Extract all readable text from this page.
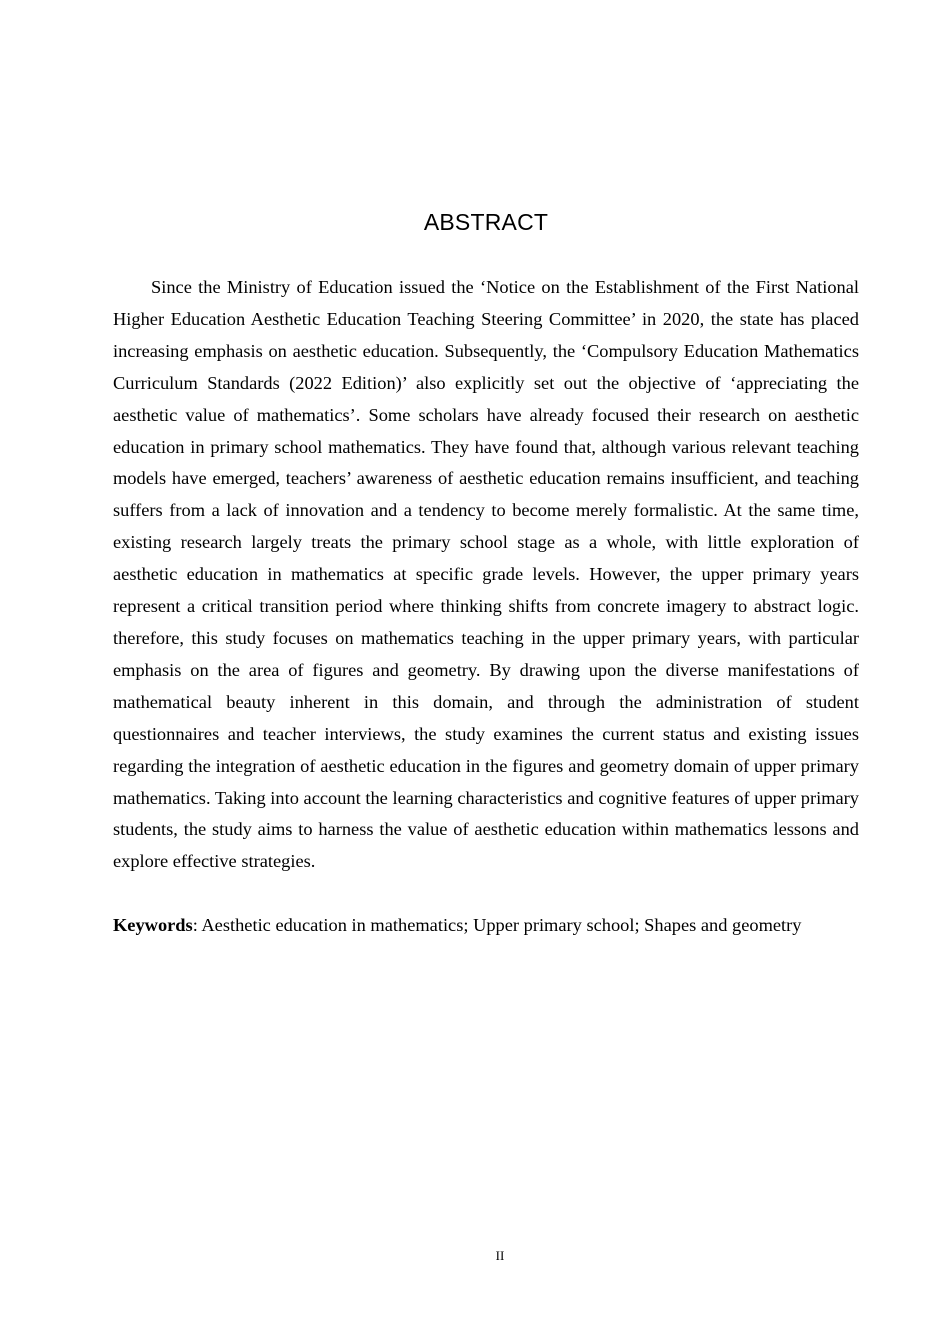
ABSTRACT

Since the Ministry of Education issued the ‘Notice on the Establishment of the First National Higher Education Aesthetic Education Teaching Steering Committee’ in 2020, the state has placed increasing emphasis on aesthetic education. Subsequently, the ‘Compulsory Education Mathematics Curriculum Standards (2022 Edition)’ also explicitly set out the objective of ‘appreciating the aesthetic value of mathematics’. Some scholars have already focused their research on aesthetic education in primary school mathematics. They have found that, although various relevant teaching models have emerged, teachers’ awareness of aesthetic education remains insufficient, and teaching suffers from a lack of innovation and a tendency to become merely formalistic. At the same time, existing research largely treats the primary school stage as a whole, with little exploration of aesthetic education in mathematics at specific grade levels. However, the upper primary years represent a critical transition period where thinking shifts from concrete imagery to abstract logic. therefore, this study focuses on mathematics teaching in the upper primary years, with particular emphasis on the area of figures and geometry. By drawing upon the diverse manifestations of mathematical beauty inherent in this domain, and through the administration of student questionnaires and teacher interviews, the study examines the current status and existing issues regarding the integration of aesthetic education in the figures and geometry domain of upper primary mathematics. Taking into account the learning characteristics and cognitive features of upper primary students, the study aims to harness the value of aesthetic education within mathematics lessons and explore effective strategies.

Keywords: Aesthetic education in mathematics; Upper primary school; Shapes and geometry

II
